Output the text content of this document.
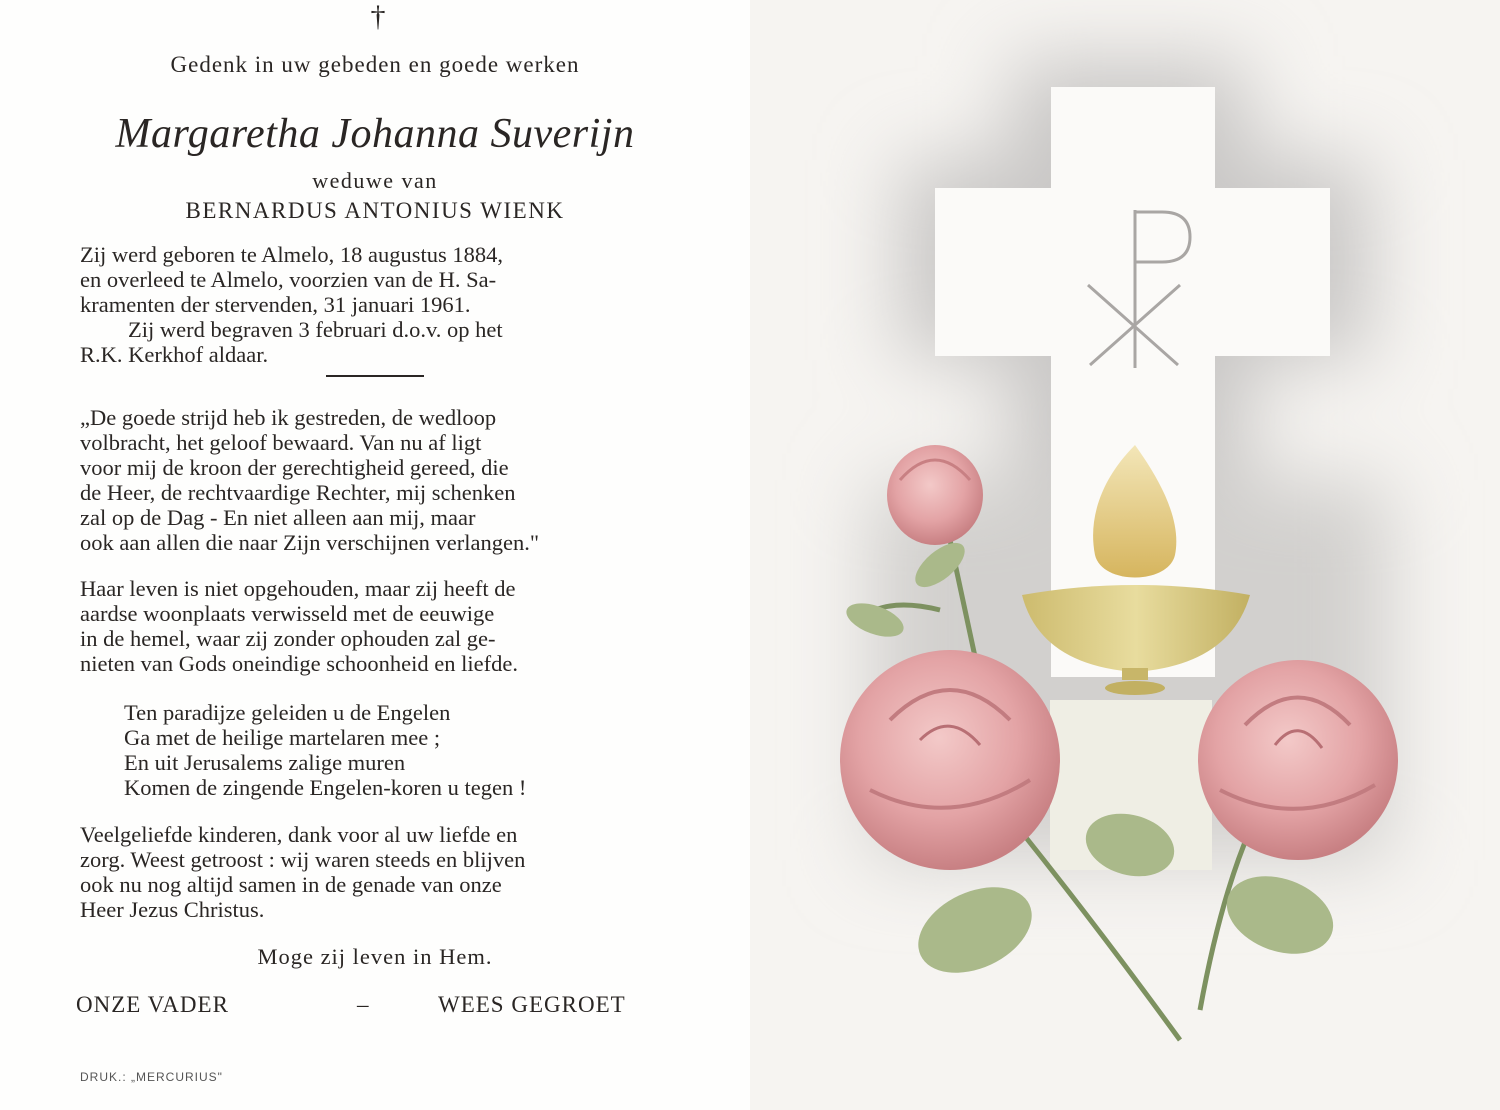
†
Gedenk in uw gebeden en goede werken
Margaretha Johanna Suverijn
weduwe van
BERNARDUS ANTONIUS WIENK
Zij werd geboren te Almelo, 18 augustus 1884,
en overleed te Almelo, voorzien van de H. Sa-
kramenten der stervenden, 31 januari 1961.
Zij werd begraven 3 februari d.o.v. op het
R.K. Kerkhof aldaar.
„De goede strijd heb ik gestreden, de wedloop
volbracht, het geloof bewaard. Van nu af ligt
voor mij de kroon der gerechtigheid gereed, die
de Heer, de rechtvaardige Rechter, mij schenken
zal op de Dag - En niet alleen aan mij, maar
ook aan allen die naar Zijn verschijnen verlangen."
Haar leven is niet opgehouden, maar zij heeft de
aardse woonplaats verwisseld met de eeuwige
in de hemel, waar zij zonder ophouden zal ge-
nieten van Gods oneindige schoonheid en liefde.
Ten paradijze geleiden u de Engelen
Ga met de heilige martelaren mee ;
En uit Jerusalems zalige muren
Komen de zingende Engelen-koren u tegen !
Veelgeliefde kinderen, dank voor al uw liefde en
zorg. Weest getroost : wij waren steeds en blijven
ook nu nog altijd samen in de genade van onze
Heer Jezus Christus.
Moge zij leven in Hem.
ONZE VADER	–	WEES GEGROET
DRUK.: „MERCURIUS"
